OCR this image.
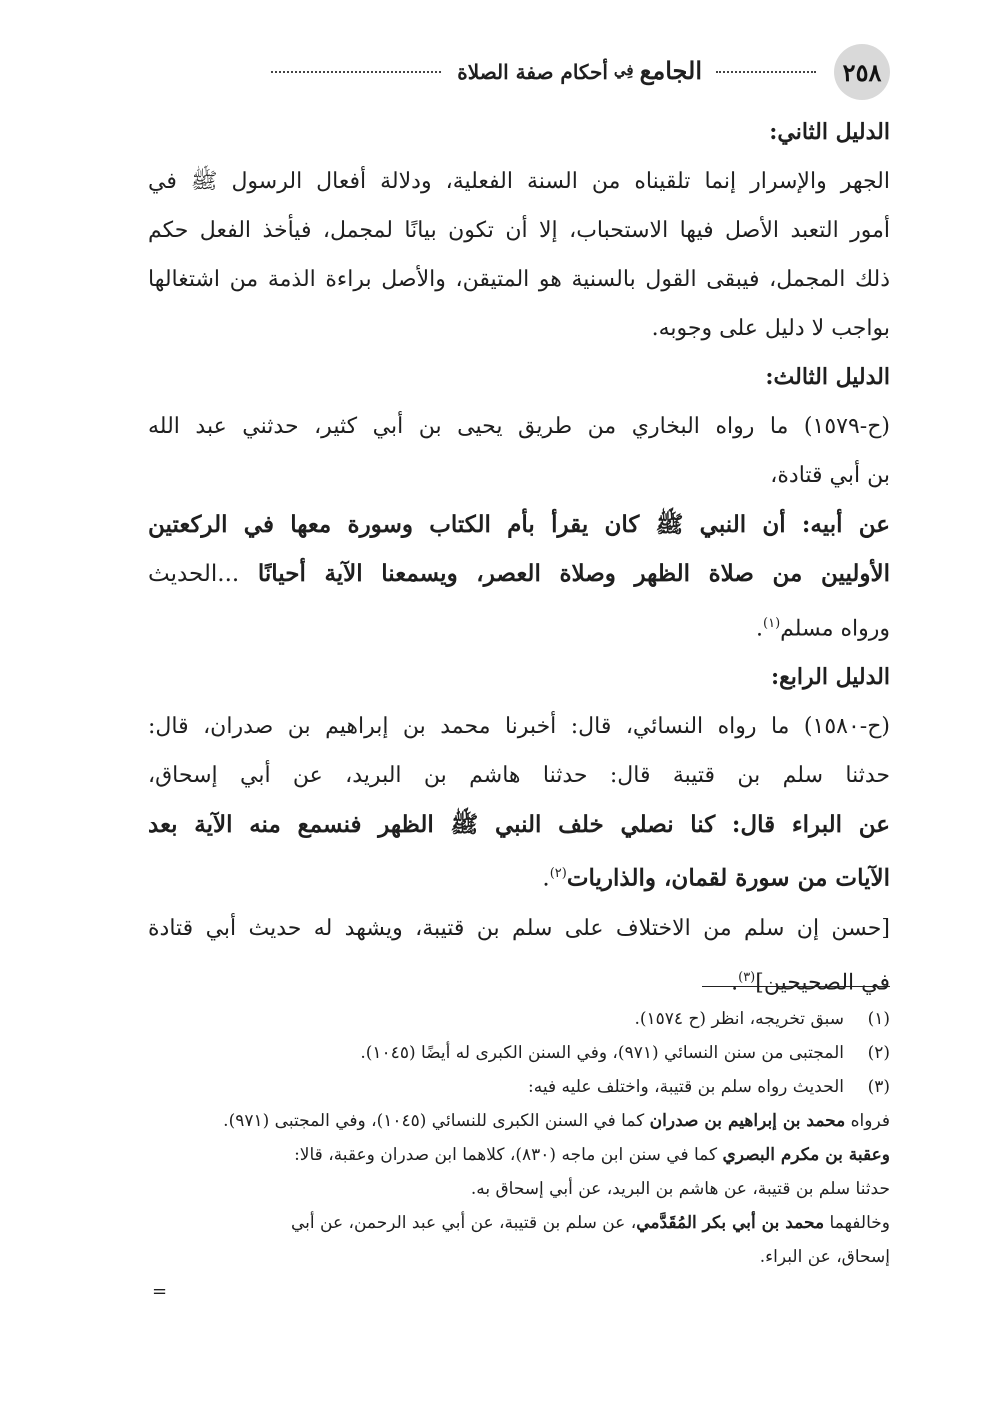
٢٥٨
الجامع
فِي
أحكام صفة الصلاة

الدليل الثاني:

الجهر والإسرار إنما تلقيناه من السنة الفعلية، ودلالة أفعال الرسول ﷺ في

أمور التعبد الأصل فيها الاستحباب، إلا أن تكون بيانًا لمجمل، فيأخذ الفعل حكم

ذلك المجمل، فيبقى القول بالسنية هو المتيقن، والأصل براءة الذمة من اشتغالها

بواجب لا دليل على وجوبه.

الدليل الثالث:

(ح-١٥٧٩) ما رواه البخاري من طريق يحيى بن أبي كثير، حدثني عبد الله

بن أبي قتادة،

عن أبيه: أن النبي ﷺ كان يقرأ بأم الكتاب وسورة معها في الركعتين

الأوليين من صلاة الظهر وصلاة العصر، ويسمعنا الآية أحيانًا ...الحديث

ورواه مسلم$^{(١)}$.

الدليل الرابع:

(ح-١٥٨٠) ما رواه النسائي، قال: أخبرنا محمد بن إبراهيم بن صدران، قال:

حدثنا سلم بن قتيبة قال: حدثنا هاشم بن البريد، عن أبي إسحاق،

عن البراء قال: كنا نصلي خلف النبي ﷺ الظهر فنسمع منه الآية بعد

الآيات من سورة لقمان، والذاريات$^{(٢)}$.

[حسن إن سلم من الاختلاف على سلم بن قتيبة، ويشهد له حديث أبي قتادة

في الصحيحين]$^{(٣)}$.

(١)
سبق تخريجه، انظر (ح ١٥٧٤).

(٢)
المجتبى من سنن النسائي (٩٧١)، وفي السنن الكبرى له أيضًا (١٠٤٥).

(٣)
الحديث رواه سلم بن قتيبة، واختلف عليه فيه:

فرواه محمد بن إبراهيم بن صدران كما في السنن الكبرى للنسائي (١٠٤٥)، وفي المجتبى (٩٧١).

وعقبة بن مكرم البصري كما في سنن ابن ماجه (٨٣٠)، كلاهما ابن صدران وعقبة، قالا:

حدثنا سلم بن قتيبة، عن هاشم بن البريد، عن أبي إسحاق به.

وخالفهما محمد بن أبي بكر المُقَدَّمي، عن سلم بن قتيبة، عن أبي عبد الرحمن، عن أبي

إسحاق، عن البراء.

=
